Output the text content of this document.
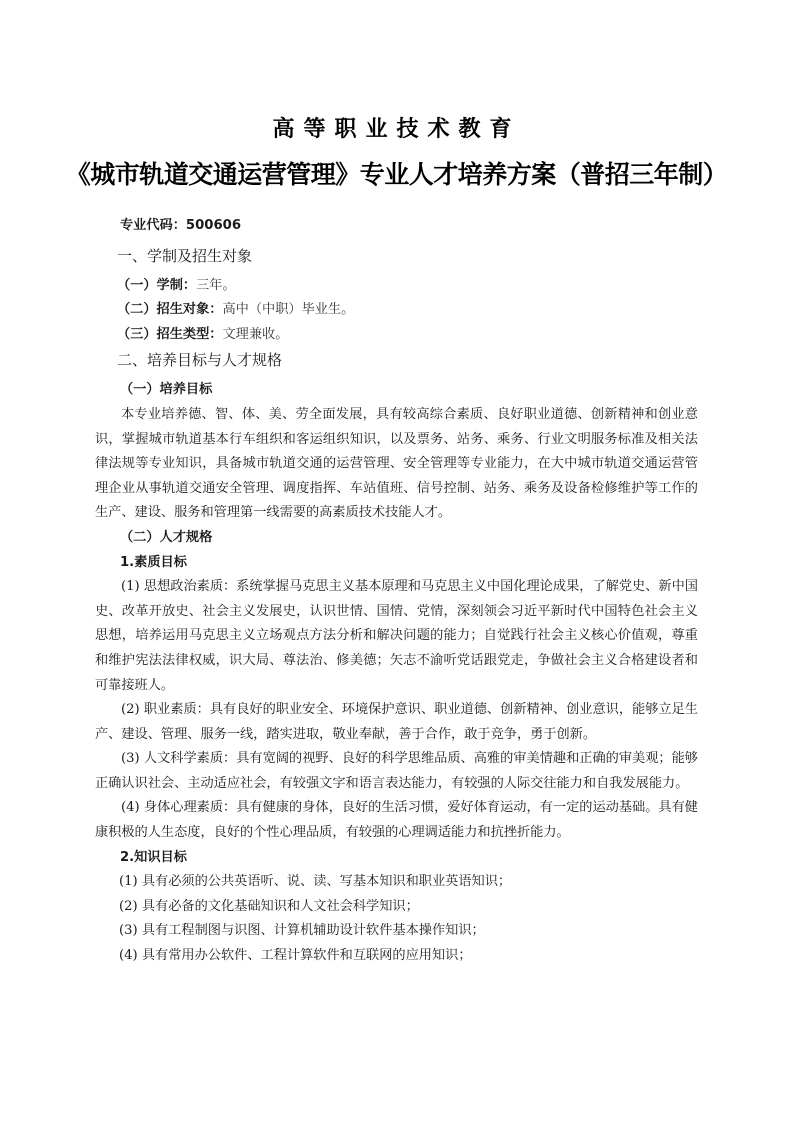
高等职业技术教育
《城市轨道交通运营管理》专业人才培养方案（普招三年制）
专业代码：500606
一、学制及招生对象
（一）学制：三年。
（二）招生对象：高中（中职）毕业生。
（三）招生类型：文理兼收。
二、培养目标与人才规格
（一）培养目标

本专业培养德、智、体、美、劳全面发展，具有较高综合素质、良好职业道德、创新精神和创业意识，掌握城市轨道基本行车组织和客运组织知识，以及票务、站务、乘务、行业文明服务标准及相关法律法规等专业知识，具备城市轨道交通的运营管理、安全管理等专业能力，在大中城市轨道交通运营管理企业从事轨道交通安全管理、调度指挥、车站值班、信号控制、站务、乘务及设备检修维护等工作的生产、建设、服务和管理第一线需要的高素质技术技能人才。

（二）人才规格
1.素质目标

(1) 思想政治素质：系统掌握马克思主义基本原理和马克思主义中国化理论成果，了解党史、新中国史、改革开放史、社会主义发展史，认识世情、国情、党情，深刻领会习近平新时代中国特色社会主义思想，培养运用马克思主义立场观点方法分析和解决问题的能力；自觉践行社会主义核心价值观，尊重和维护宪法法律权威，识大局、尊法治、修美德；矢志不渝听党话跟党走，争做社会主义合格建设者和可靠接班人。

(2) 职业素质：具有良好的职业安全、环境保护意识、职业道德、创新精神、创业意识，能够立足生产、建设、管理、服务一线，踏实进取，敬业奉献，善于合作，敢于竞争，勇于创新。

(3) 人文科学素质：具有宽阔的视野、良好的科学思维品质、高雅的审美情趣和正确的审美观；能够正确认识社会、主动适应社会，有较强文字和语言表达能力，有较强的人际交往能力和自我发展能力。

(4) 身体心理素质：具有健康的身体，良好的生活习惯，爱好体育运动，有一定的运动基础。具有健康积极的人生态度，良好的个性心理品质，有较强的心理调适能力和抗挫折能力。

2.知识目标
(1) 具有必须的公共英语听、说、读、写基本知识和职业英语知识；
(2) 具有必备的文化基础知识和人文社会科学知识；
(3) 具有工程制图与识图、计算机辅助设计软件基本操作知识；
(4) 具有常用办公软件、工程计算软件和互联网的应用知识；
